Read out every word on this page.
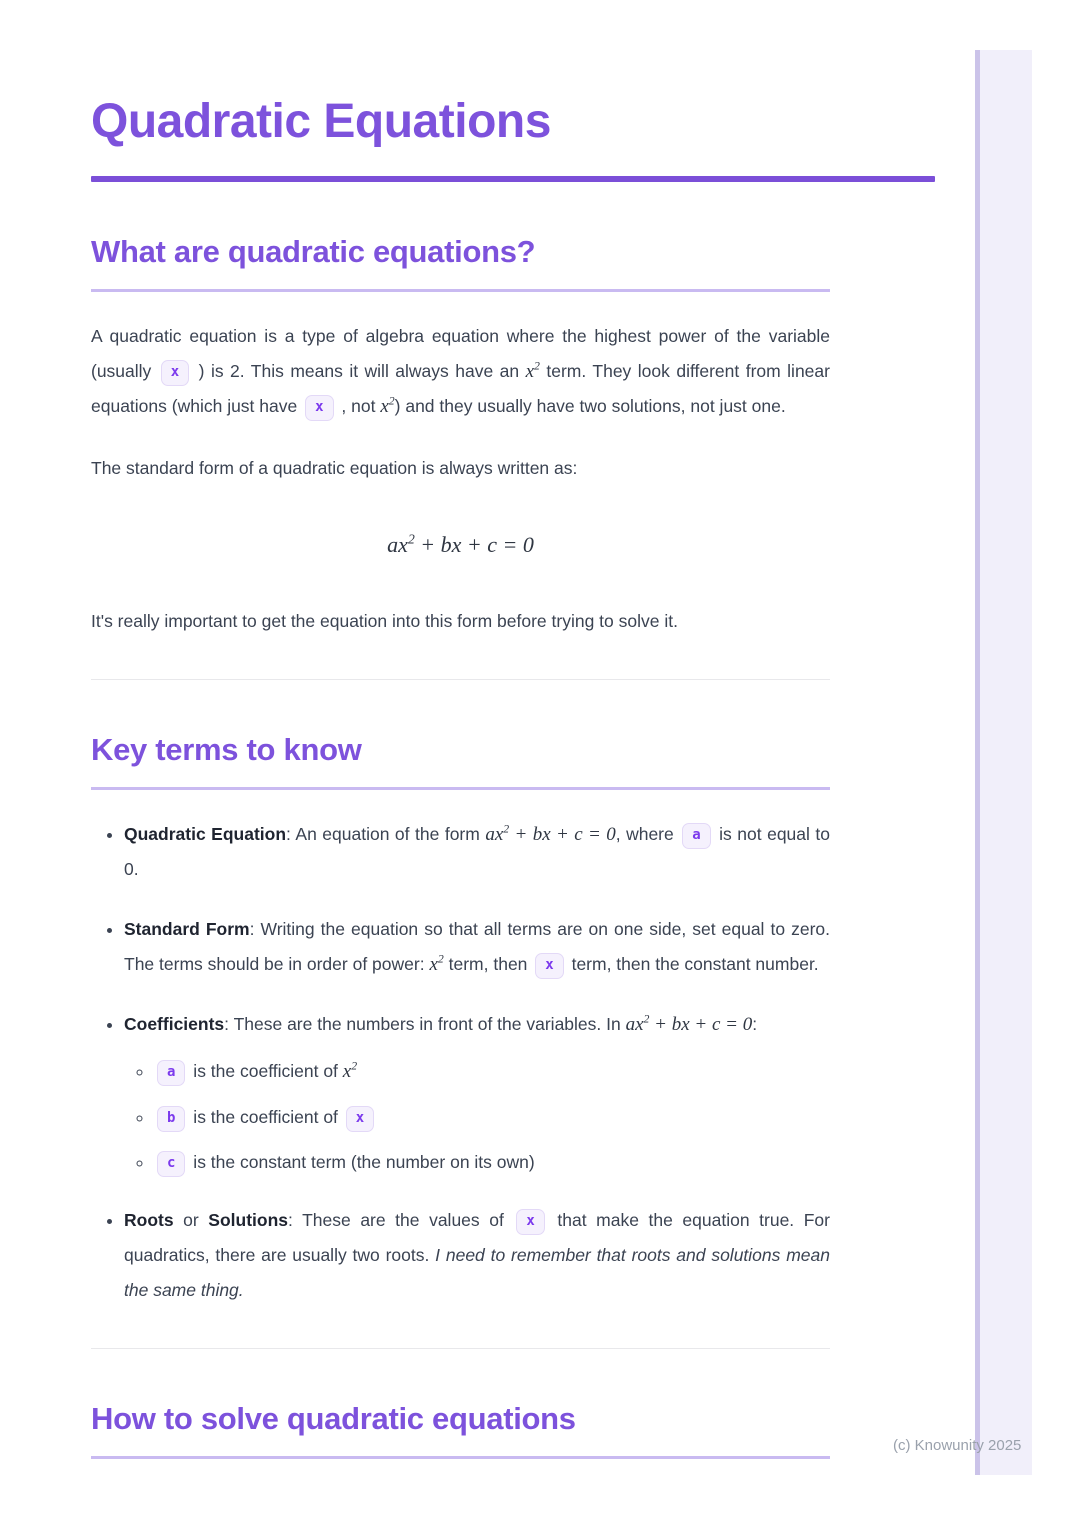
Quadratic Equations
What are quadratic equations?

A quadratic equation is a type of algebra equation where the highest power of the variable (usually x ) is 2. This means it will always have an $x^2$ term. They look different from linear equations (which just have x , not $x^2$) and they usually have two solutions, not just one.

The standard form of a quadratic equation is always written as:

$ax^2$ + bx + c = 0

It's really important to get the equation into this form before trying to solve it.

Key terms to know
• Quadratic Equation: An equation of the form $ax^2$ + bx + c = 0, where a is not equal to 0.
• Standard Form: Writing the equation so that all terms are on one side, set equal to zero. The terms should be in order of power: $x^2$ term, then x term, then the constant number.
• Coefficients: These are the numbers in front of the variables. In $ax^2$ + bx + c = 0:
◦ a is the coefficient of $x^2$
◦ b is the coefficient of x
◦ c is the constant term (the number on its own)
• Roots or Solutions: These are the values of x that make the equation true. For quadratics, there are usually two roots. I need to remember that roots and solutions mean the same thing.
How to solve quadratic equations
(c) Knowunity 2025
